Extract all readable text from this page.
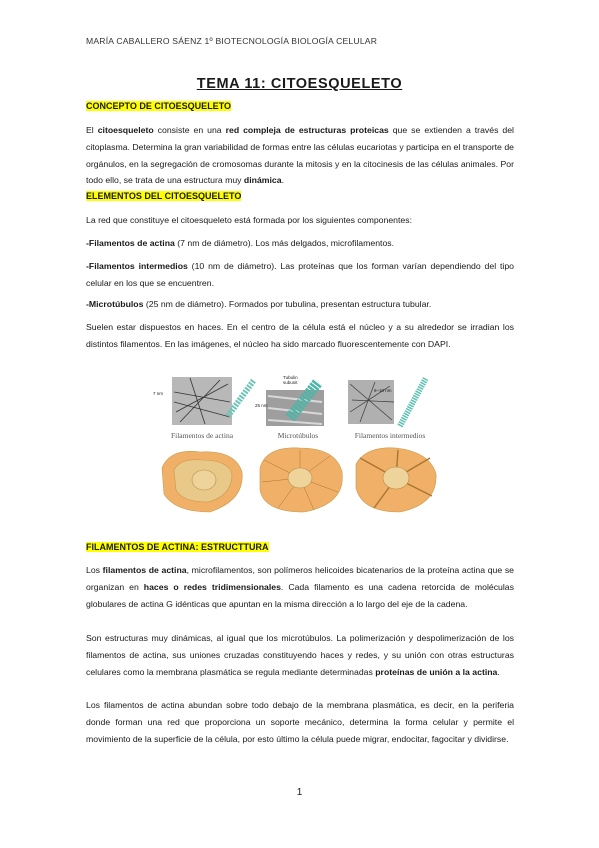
MARÍA CABALLERO SÁENZ 1º BIOTECNOLOGÍA BIOLOGÍA CELULAR
TEMA 11: CITOESQUELETO
CONCEPTO DE CITOESQUELETO

El citoesqueleto consiste en una red compleja de estructuras proteicas que se extienden a través del citoplasma. Determina la gran variabilidad de formas entre las células eucariotas y participa en el transporte de orgánulos, en la segregación de cromosomas durante la mitosis y en la citocinesis de las células animales. Por todo ello, se trata de una estructura muy dinámica.

ELEMENTOS DEL CITOESQUELETO

La red que constituye el citoesqueleto está formada por los siguientes componentes:

-Filamentos de actina (7 nm de diámetro). Los más delgados, microfilamentos.

-Filamentos intermedios (10 nm de diámetro). Las proteínas que los forman varían dependiendo del tipo celular en los que se encuentren.

-Microtúbulos (25 nm de diámetro). Formados por tubulina, presentan estructura tubular.

Suelen estar dispuestos en haces. En el centro de la célula está el núcleo y a su alrededor se irradian los distintos filamentos. En las imágenes, el núcleo ha sido marcado fluorescentemente con DAPI.

7 nm
25 nm
Tubulin
subunit
8–10 nm
Filamentos de actina	Microtúbulos	Filamentos intermedios
FILAMENTOS DE ACTINA: ESTRUCTTURA

Los filamentos de actina, microfilamentos, son polímeros helicoides bicatenarios de la proteína actina que se organizan en haces o redes tridimensionales. Cada filamento es una cadena retorcida de moléculas globulares de actina G idénticas que apuntan en la misma dirección a lo largo del eje de la cadena.

Son estructuras muy dinámicas, al igual que los microtúbulos. La polimerización y despolimerización de los filamentos de actina, sus uniones cruzadas constituyendo haces y redes, y su unión con otras estructuras celulares como la membrana plasmática se regula mediante determinadas proteínas de unión a la actina.

Los filamentos de actina abundan sobre todo debajo de la membrana plasmática, es decir, en la periferia donde forman una red que proporciona un soporte mecánico, determina la forma celular y permite el movimiento de la superficie de la célula, por esto último la célula puede migrar, endocitar, fagocitar y dividirse.

1
